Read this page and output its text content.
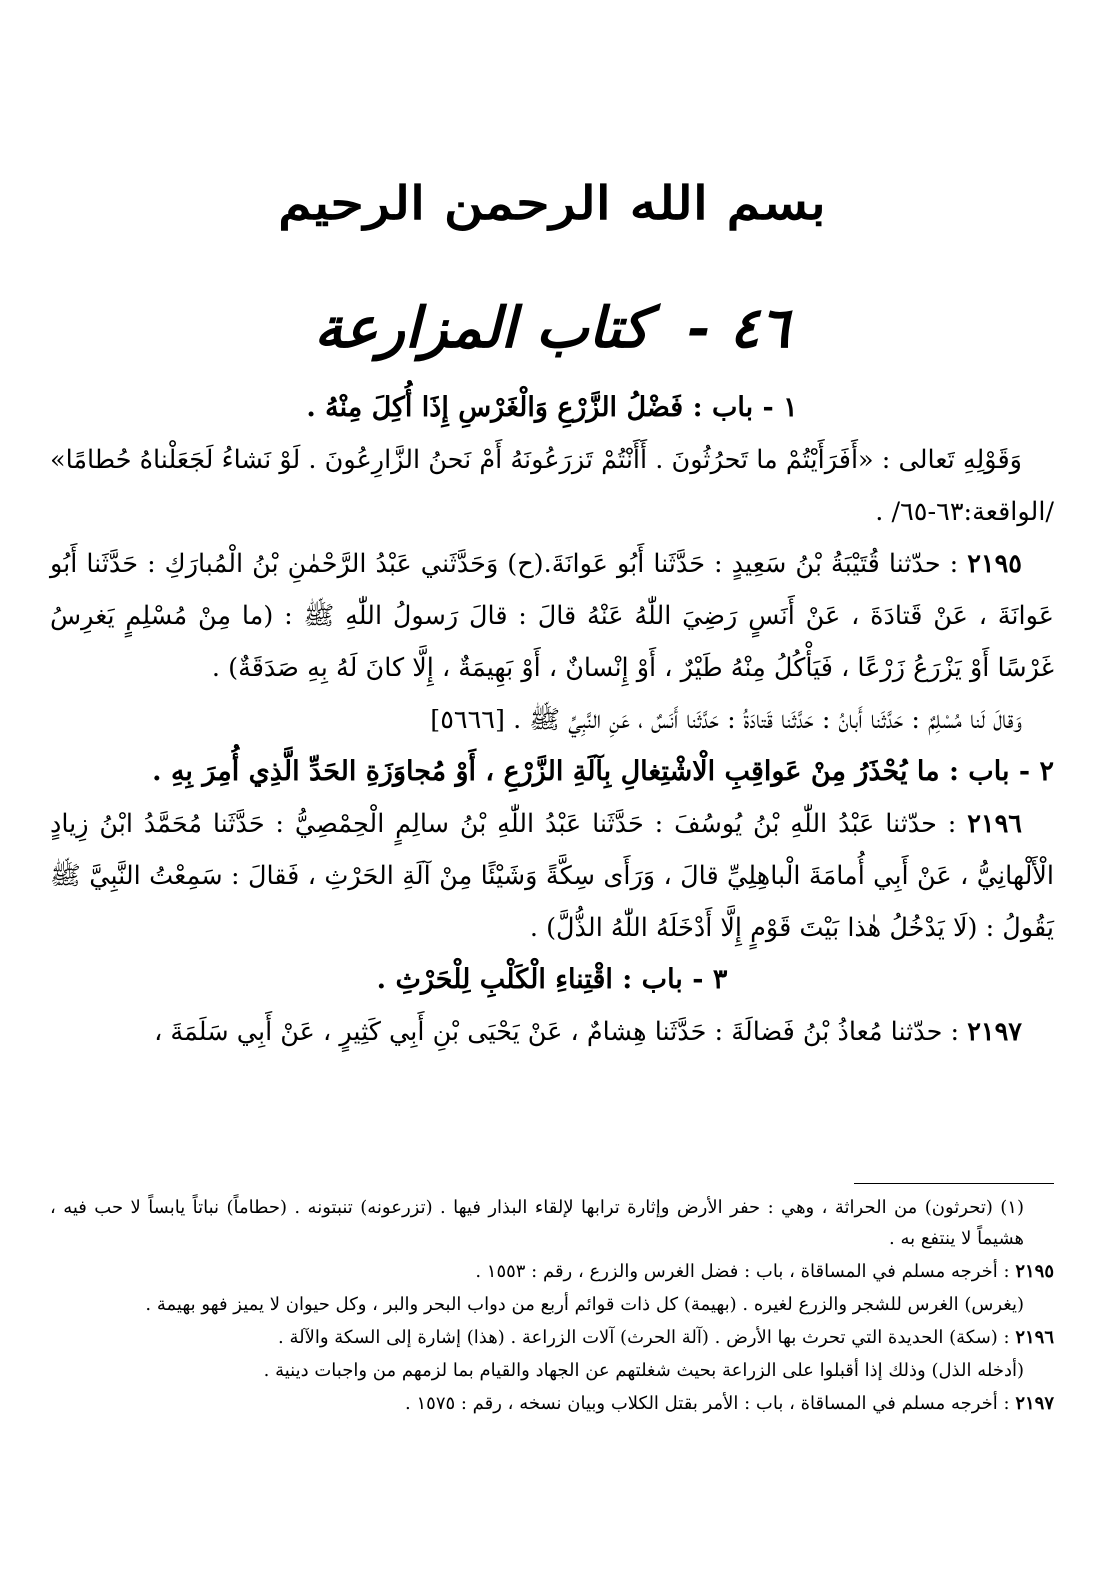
بسم الله الرحمن الرحيم
٤٦ - كتاب المزارعة

١ - باب : فَضْلُ الزَّرْعِ وَالْغَرْسِ إِذَا أُكِلَ مِنْهُ .

وَقَوْلِهِ تَعالى : «أَفَرَأَيْتُمْ ما تَحرُثُونَ . أَأَنْتُمْ تَزرَعُونَهُ أَمْ نَحنُ الزَّارِعُونَ . لَوْ نَشاءُ لَجَعَلْناهُ حُطامًا» /الواقعة:٦٣-٦٥/ .

٢١٩٥ : حدّثنا قُتَيْبَةُ بْنُ سَعِيدٍ : حَدَّثَنا أَبُو عَوانَةَ.(ح) وَحَدَّثَني عَبْدُ الرَّحْمٰنِ بْنُ الْمُبارَكِ : حَدَّثَنا أَبُو عَوانَةَ ، عَنْ قَتادَةَ ، عَنْ أَنَسٍ رَضِيَ اللّٰهُ عَنْهُ قالَ : قالَ رَسولُ اللّٰهِ ﷺ : (ما مِنْ مُسْلِمٍ يَغرِسُ غَرْسًا أَوْ يَزْرَعُ زَرْعًا ، فَيَأْكُلُ مِنْهُ طَيْرٌ ، أَوْ إِنْسانٌ ، أَوْ بَهِيمَةٌ ، إِلَّا كانَ لَهُ بِهِ صَدَقَةٌ) .

وَقالَ لَنا مُسْلِمٌ : حَدَّثَنا أَبانُ : حَدَّثَنا قَتادَةُ : حَدَّثَنا أَنَسٌ ، عَنِ النَّبِيِّ ﷺ . [٥٦٦٦]

٢ - باب : ما يُحْذَرُ مِنْ عَواقِبِ الْاشْتِغالِ بِآلَةِ الزَّرْعِ ، أَوْ مُجاوَزَةِ الحَدِّ الَّذِي أُمِرَ بِهِ .

٢١٩٦ : حدّثنا عَبْدُ اللّٰهِ بْنُ يُوسُفَ : حَدَّثَنا عَبْدُ اللّٰهِ بْنُ سالِمٍ الْحِمْصِيُّ : حَدَّثَنا مُحَمَّدُ ابْنُ زِيادٍ الْأَلْهانِيُّ ، عَنْ أَبِي أُمامَةَ الْباهِلِيِّ قالَ ، وَرَأَى سِكَّةً وَشَيْئًا مِنْ آلَةِ الحَرْثِ ، فَقالَ : سَمِعْتُ النَّبِيَّ ﷺ يَقُولُ : (لَا يَدْخُلُ هٰذا بَيْتَ قَوْمٍ إِلَّا أَدْخَلَهُ اللّٰهُ الذُّلَّ) .

٣ - باب : اقْتِناءِ الْكَلْبِ لِلْحَرْثِ .

٢١٩٧ : حدّثنا مُعاذُ بْنُ فَضالَةَ : حَدَّثَنا هِشامٌ ، عَنْ يَحْيَى بْنِ أَبِي كَثِيرٍ ، عَنْ أَبِي سَلَمَةَ ،

(١) (تحرثون) من الحراثة ، وهي : حفر الأرض وإثارة ترابها لإلقاء البذار فيها . (تزرعونه) تنبتونه . (حطاماً) نباتاً يابساً لا حب فيه ، هشيماً لا ينتفع به .

٢١٩٥ : أخرجه مسلم في المساقاة ، باب : فضل الغرس والزرع ، رقم : ١٥٥٣ .

(يغرس) الغرس للشجر والزرع لغيره . (بهيمة) كل ذات قوائم أربع من دواب البحر والبر ، وكل حيوان لا يميز فهو بهيمة .

٢١٩٦ : (سكة) الحديدة التي تحرث بها الأرض . (آلة الحرث) آلات الزراعة . (هذا) إشارة إلى السكة والآلة .

(أدخله الذل) وذلك إذا أقبلوا على الزراعة بحيث شغلتهم عن الجهاد والقيام بما لزمهم من واجبات دينية .

٢١٩٧ : أخرجه مسلم في المساقاة ، باب : الأمر بقتل الكلاب وبيان نسخه ، رقم : ١٥٧٥ .
